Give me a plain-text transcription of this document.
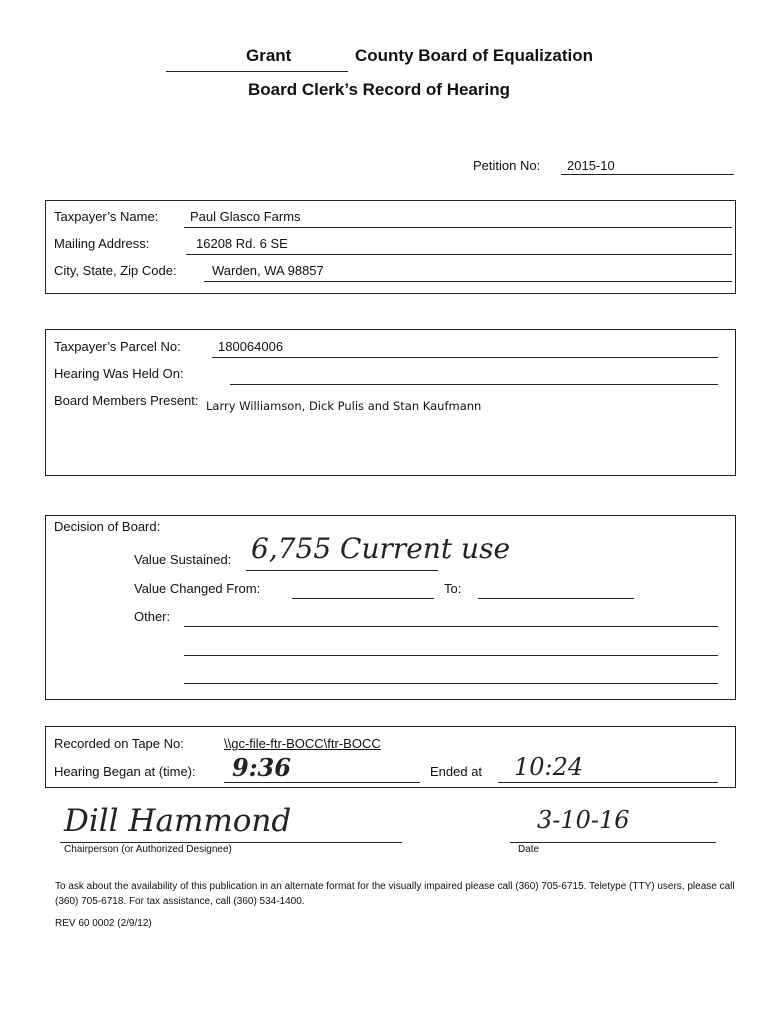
Grant	County Board of Equalization
Board Clerk’s Record of Hearing
Petition No: 2015-10
Taxpayer’s Name: Paul Glasco Farms
Mailing Address:	16208 Rd. 6 SE
City, State, Zip Code:	Warden, WA 98857
Taxpayer’s Parcel No:	180064006
Hearing Was Held On:
Board Members Present: Larry Williamson, Dick Pulis and Stan Kaufmann
Decision of Board:
Value Sustained: 6,755 Current use
Value Changed From:	To:
Other:
Recorded on Tape No:	\\gc-file-ftr-BOCC\ftr-BOCC
Hearing Began at (time): 9:36	Ended at 10:24
Dill Hammond
Chairperson (or Authorized Designee)
3-10-16
Date
To ask about the availability of this publication in an alternate format for the visually impaired please call (360) 705-6715. Teletype (TTY) users, please call (360) 705-6718. For tax assistance, call (360) 534-1400.
REV 60 0002 (2/9/12)
